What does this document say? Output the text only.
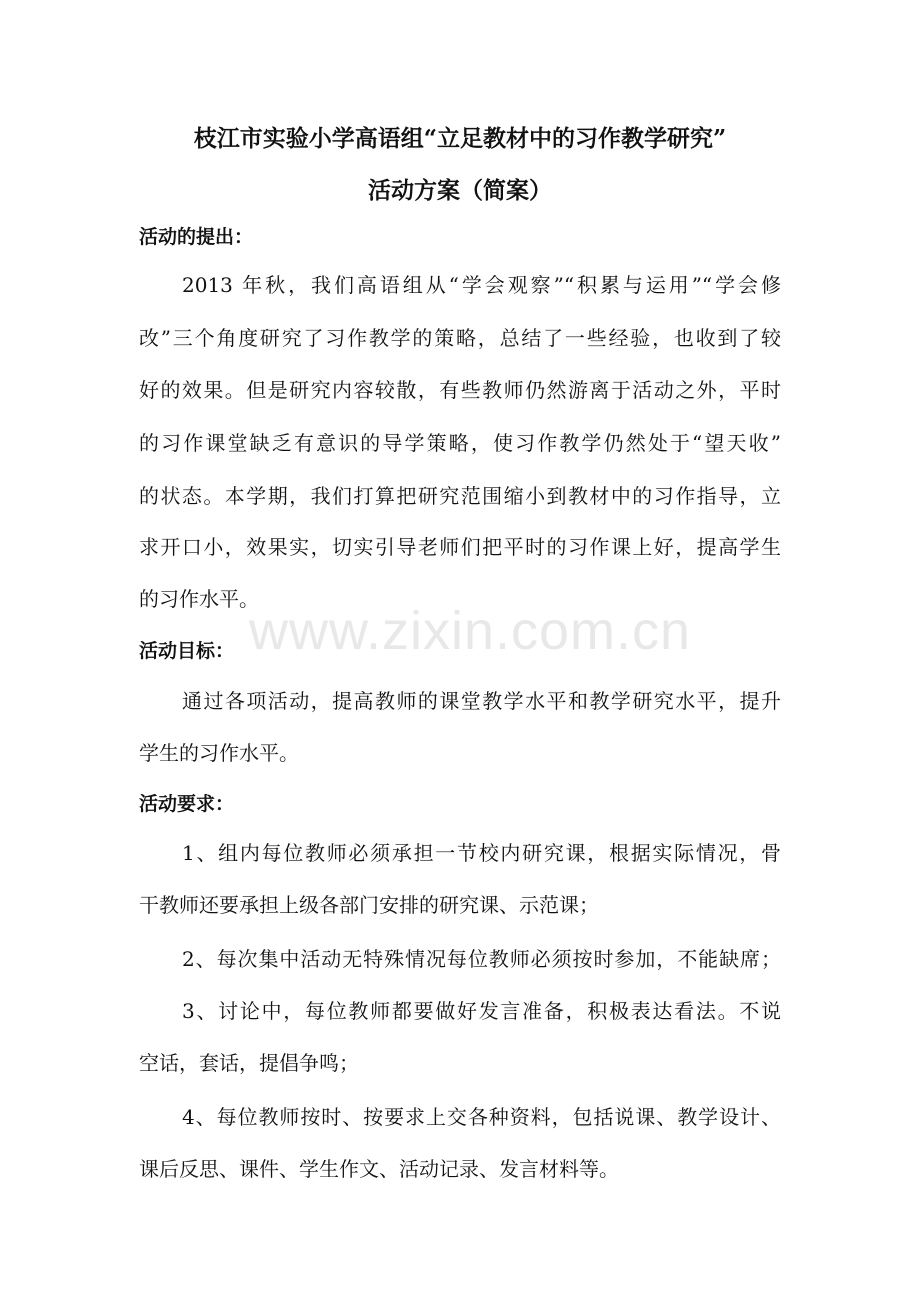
www.zixin.com.cn
枝江市实验小学高语组“立足教材中的习作教学研究”
活动方案（简案）
活动的提出：
2013 年秋，我们高语组从“学会观察”“积累与运用”“学会修
改”三个角度研究了习作教学的策略，总结了一些经验，也收到了较
好的效果。但是研究内容较散，有些教师仍然游离于活动之外，平时
的习作课堂缺乏有意识的导学策略，使习作教学仍然处于“望天收”
的状态。本学期，我们打算把研究范围缩小到教材中的习作指导，立
求开口小，效果实，切实引导老师们把平时的习作课上好，提高学生
的习作水平。
活动目标：
通过各项活动，提高教师的课堂教学水平和教学研究水平，提升
学生的习作水平。
活动要求：
1、组内每位教师必须承担一节校内研究课，根据实际情况，骨
干教师还要承担上级各部门安排的研究课、示范课；
2、每次集中活动无特殊情况每位教师必须按时参加，不能缺席；
3、讨论中，每位教师都要做好发言准备，积极表达看法。不说
空话，套话，提倡争鸣；
4、每位教师按时、按要求上交各种资料，包括说课、教学设计、
课后反思、课件、学生作文、活动记录、发言材料等。
